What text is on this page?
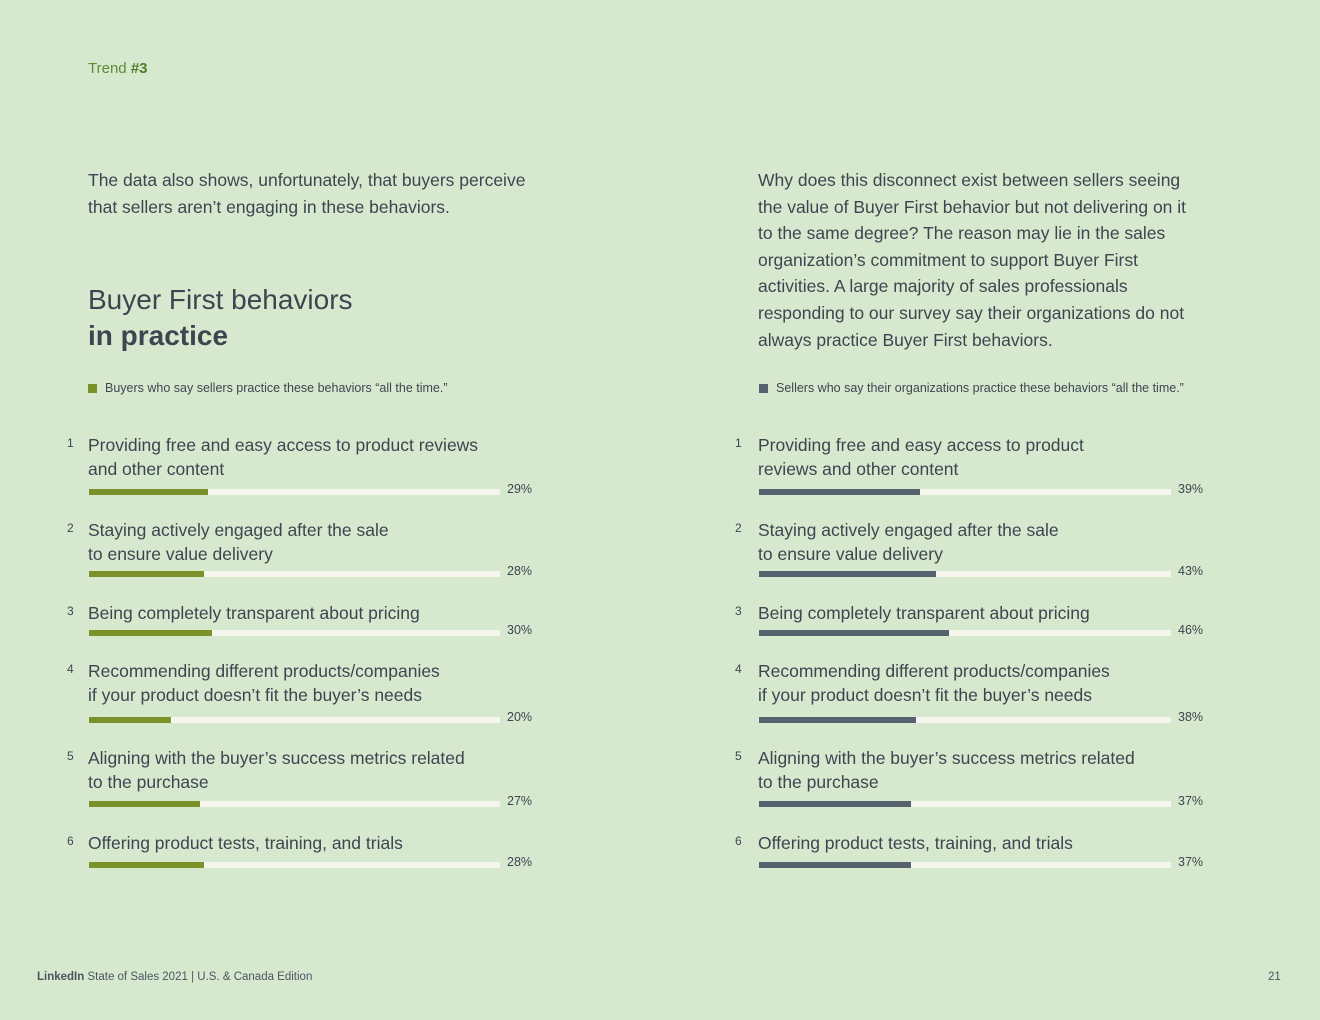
Trend #3
The data also shows, unfortunately, that buyers perceive that sellers aren’t engaging in these behaviors.
Why does this disconnect exist between sellers seeing the value of Buyer First behavior but not delivering on it to the same degree? The reason may lie in the sales organization’s commitment to support Buyer First activities. A large majority of sales professionals responding to our survey say their organizations do not always practice Buyer First behaviors.
Buyer First behaviors
in practice
Buyers who say sellers practice these behaviors “all the time.”	Sellers who say their organizations practice these behaviors “all the time.”
1 Providing free and easy access to product reviews
and other content
29%
2 Staying actively engaged after the sale
to ensure value delivery
28%
3 Being completely transparent about pricing
30%
4 Recommending different products/companies
if your product doesn’t fit the buyer’s needs
20%
5 Aligning with the buyer’s success metrics related
to the purchase
27%
6 Offering product tests, training, and trials
28%
1 Providing free and easy access to product
reviews and other content
39%
2 Staying actively engaged after the sale
to ensure value delivery
43%
3 Being completely transparent about pricing
46%
4 Recommending different products/companies
if your product doesn’t fit the buyer’s needs
38%
5 Aligning with the buyer’s success metrics related
to the purchase
37%
6 Offering product tests, training, and trials
37%
LinkedIn State of Sales 2021 | U.S. & Canada Edition	21
